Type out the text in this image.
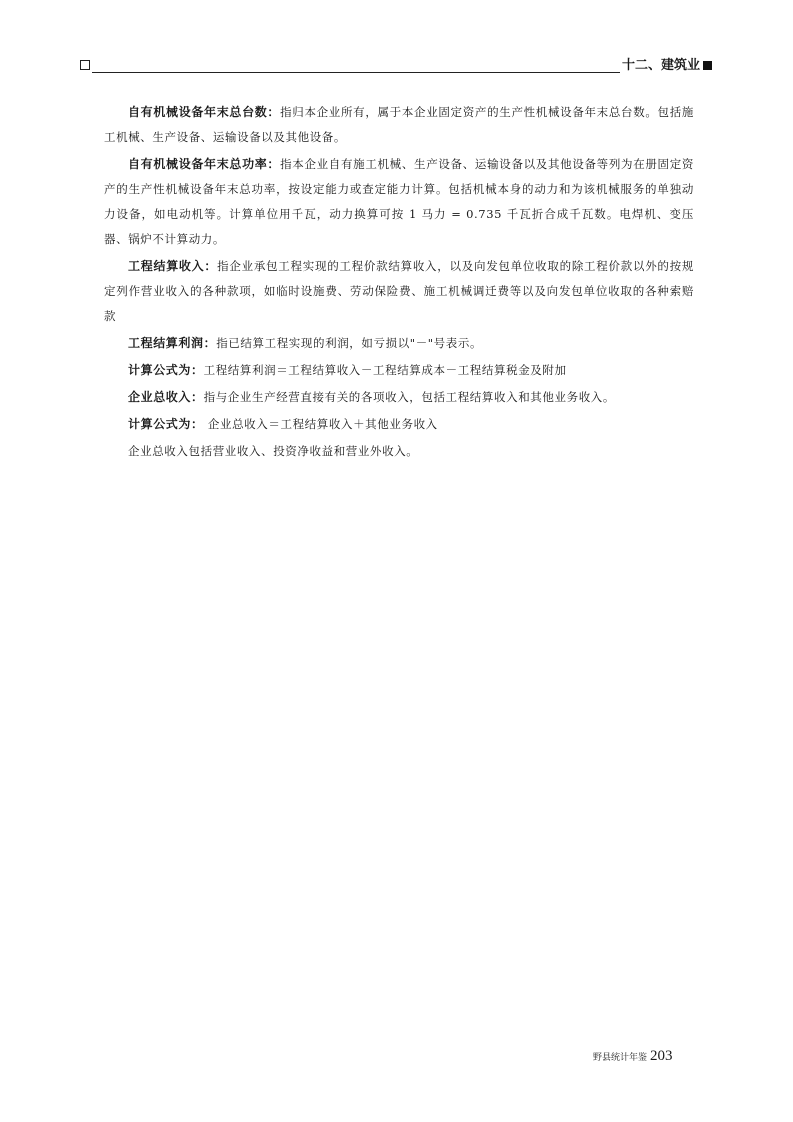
十二、建筑业

自有机械设备年末总台数：指归本企业所有，属于本企业固定资产的生产性机械设备年末总台数。包括施工机械、生产设备、运输设备以及其他设备。

自有机械设备年末总功率：指本企业自有施工机械、生产设备、运输设备以及其他设备等列为在册固定资产的生产性机械设备年末总功率，按设定能力或查定能力计算。包括机械本身的动力和为该机械服务的单独动力设备，如电动机等。计算单位用千瓦，动力换算可按 1 马力 = 0.735 千瓦折合成千瓦数。电焊机、变压器、锅炉不计算动力。

工程结算收入：指企业承包工程实现的工程价款结算收入，以及向发包单位收取的除工程价款以外的按规定列作营业收入的各种款项，如临时设施费、劳动保险费、施工机械调迁费等以及向发包单位收取的各种索赔款

工程结算利润：指已结算工程实现的利润，如亏损以"－"号表示。

计算公式为：工程结算利润＝工程结算收入－工程结算成本－工程结算税金及附加

企业总收入：指与企业生产经营直接有关的各项收入，包括工程结算收入和其他业务收入。

计算公式为： 企业总收入＝工程结算收入＋其他业务收入

企业总收入包括营业收入、投资净收益和营业外收入。

野县统计年鉴 203
